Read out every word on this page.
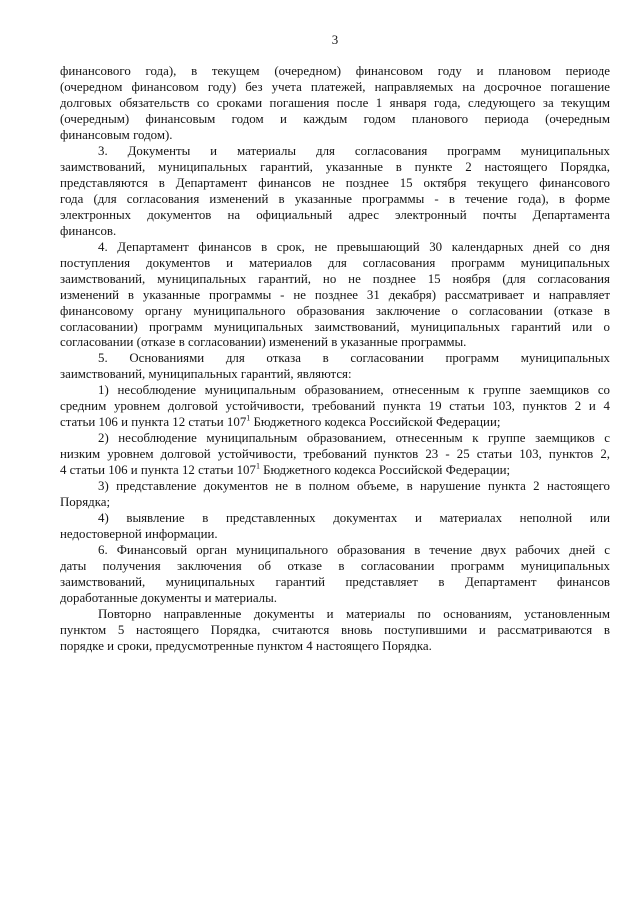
3
финансового года), в текущем (очередном) финансовом году и плановом периоде
(очередном финансовом году) без учета платежей, направляемых на досрочное погашение
долговых обязательств со сроками погашения после 1 января года, следующего за текущим
(очередным) финансовым годом и каждым годом планового периода (очередным
финансовым годом).
3. Документы и материалы для согласования программ муниципальных
заимствований, муниципальных гарантий, указанные в пункте 2 настоящего Порядка,
представляются в Департамент финансов не позднее 15 октября текущего финансового
года (для согласования изменений в указанные программы - в течение года), в форме
электронных документов на официальный адрес электронный почты Департамента
финансов.
4. Департамент финансов в срок, не превышающий 30 календарных дней со дня
поступления документов и материалов для согласования программ муниципальных
заимствований, муниципальных гарантий, но не позднее 15 ноября (для согласования
изменений в указанные программы - не позднее 31 декабря) рассматривает и направляет
финансовому органу муниципального образования заключение о согласовании (отказе в
согласовании) программ муниципальных заимствований, муниципальных гарантий или о
согласовании (отказе в согласовании) изменений в указанные программы.
5. Основаниями для отказа в согласовании программ муниципальных
заимствований, муниципальных гарантий, являются:
1) несоблюдение муниципальным образованием, отнесенным к группе заемщиков со
средним уровнем долговой устойчивости, требований пункта 19 статьи 103, пунктов 2 и 4
статьи 106 и пункта 12 статьи $107^1$ Бюджетного кодекса Российской Федерации;
2) несоблюдение муниципальным образованием, отнесенным к группе заемщиков с
низким уровнем долговой устойчивости, требований пунктов 23 - 25 статьи 103, пунктов 2,
4 статьи 106 и пункта 12 статьи $107^1$ Бюджетного кодекса Российской Федерации;
3) представление документов не в полном объеме, в нарушение пункта 2 настоящего
Порядка;
4) выявление в представленных документах и материалах неполной или
недостоверной информации.
6. Финансовый орган муниципального образования в течение двух рабочих дней с
даты получения заключения об отказе в согласовании программ муниципальных
заимствований, муниципальных гарантий представляет в Департамент финансов
доработанные документы и материалы.
Повторно направленные документы и материалы по основаниям, установленным
пунктом 5 настоящего Порядка, считаются вновь поступившими и рассматриваются в
порядке и сроки, предусмотренные пунктом 4 настоящего Порядка.
